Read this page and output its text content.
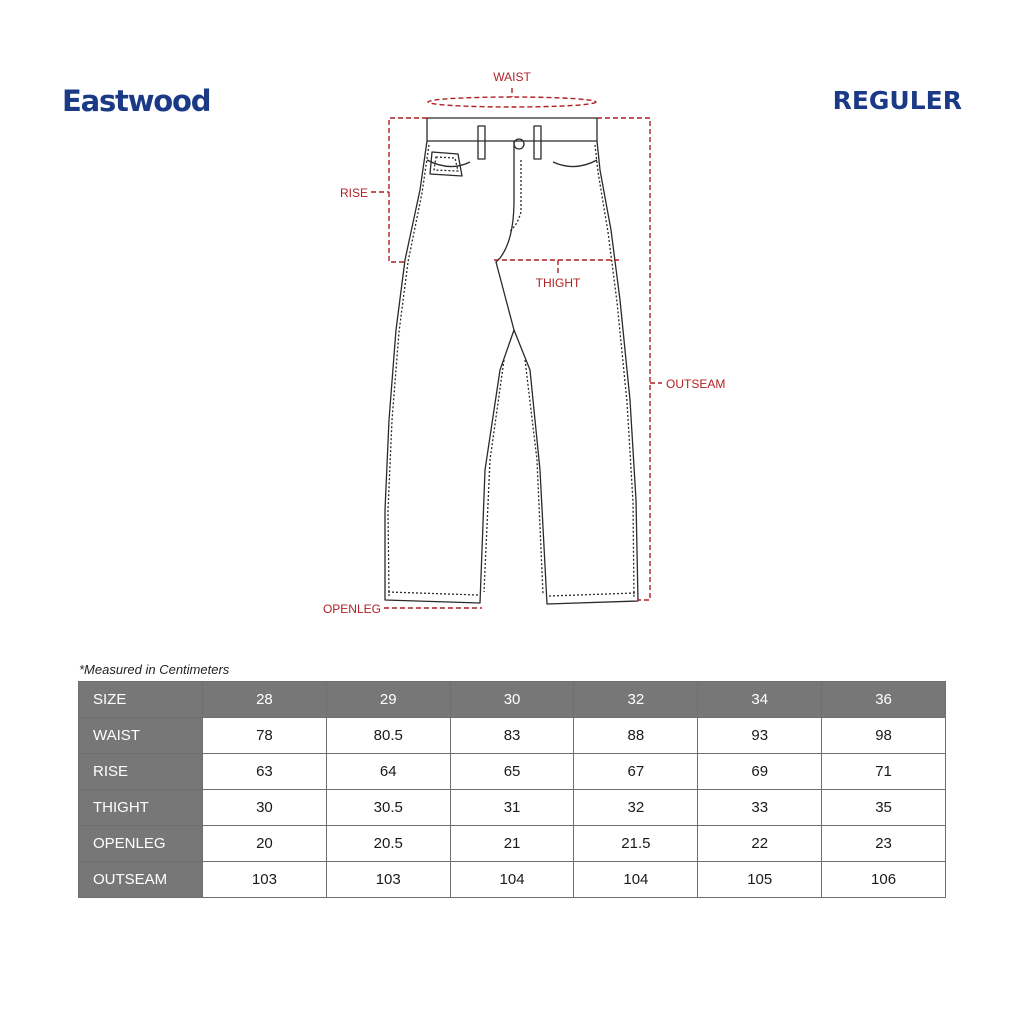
Eastwood	REGULER
WAIST
RISE
THIGHT
OUTSEAM
OPENLEG
*Measured in Centimeters
SIZE	28	29	30	32	34	36
WAIST	78	80.5	83	88	93	98
RISE	63	64	65	67	69	71
THIGHT	30	30.5	31	32	33	35
OPENLEG	20	20.5	21	21.5	22	23
OUTSEAM	103	103	104	104	105	106
